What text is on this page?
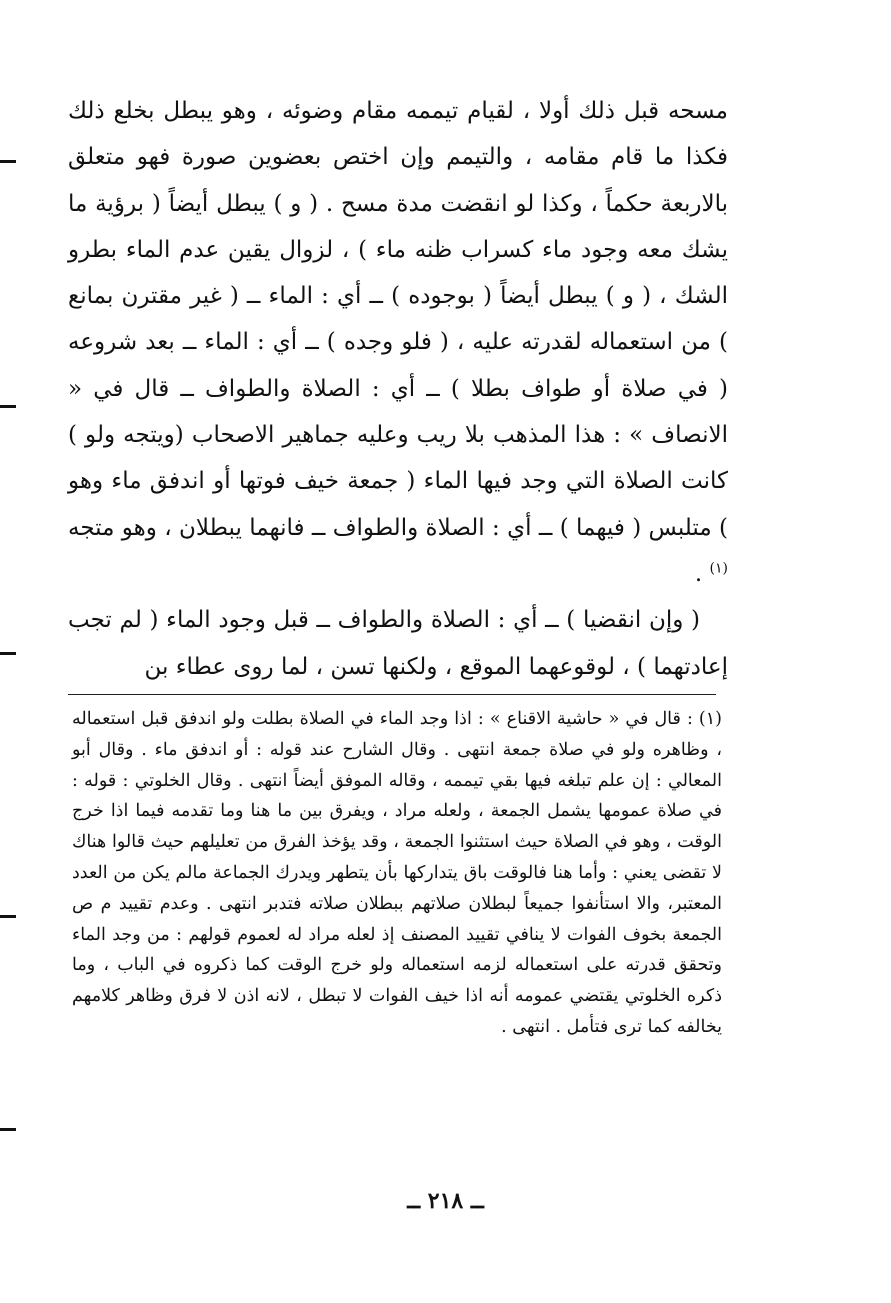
مسحه قبل ذلك أولا ، لقيام تيممه مقام وضوئه ، وهو يبطل بخلع ذلك فكذا ما قام مقامه ، والتيمم وإن اختص بعضوين صورة فهو متعلق بالاربعة حكماً ، وكذا لو انقضت مدة مسح . ( و ) يبطل أيضاً ( برؤية ما يشك معه وجود ماء كسراب ظنه ماء ) ، لزوال يقين عدم الماء بطرو الشك ، ( و ) يبطل أيضاً ( بوجوده ) ــ أي : الماء ــ ( غير مقترن بمانع ) من استعماله لقدرته عليه ، ( فلو وجده ) ــ أي : الماء ــ بعد شروعه ( في صلاة أو طواف بطلا ) ــ أي : الصلاة والطواف ــ قال في « الانصاف » : هذا المذهب بلا ريب وعليه جماهير الاصحاب (ويتجه ولو ) كانت الصلاة التي وجد فيها الماء ( جمعة خيف فوتها أو اندفق ماء وهو ) متلبس ( فيهما ) ــ أي : الصلاة والطواف ــ فانهما يبطلان ، وهو متجه $^{(١)}$ .

( وإن انقضيا ) ــ أي : الصلاة والطواف ــ قبل وجود الماء ( لم تجب إعادتهما ) ، لوقوعهما الموقع ، ولكنها تسن ، لما روى عطاء بن

(١) : قال في « حاشية الاقناع » : اذا وجد الماء في الصلاة بطلت ولو اندفق قبل استعماله ، وظاهره ولو في صلاة جمعة انتهى . وقال الشارح عند قوله : أو اندفق ماء . وقال أبو المعالي : إن علم تبلغه فيها بقي تيممه ، وقاله الموفق أيضاً انتهى . وقال الخلوتي : قوله : في صلاة عمومها يشمل الجمعة ، ولعله مراد ، ويفرق بين ما هنا وما تقدمه فيما اذا خرج الوقت ، وهو في الصلاة حيث استثنوا الجمعة ، وقد يؤخذ الفرق من تعليلهم حيث قالوا هناك لا تقضى يعني : وأما هنا فالوقت باق يتداركها بأن يتطهر ويدرك الجماعة مالم يكن من العدد المعتبر، والا استأنفوا جميعاً لبطلان صلاتهم ببطلان صلاته فتدبر انتهى . وعدم تقييد م ص الجمعة بخوف الفوات لا ينافي تقييد المصنف إذ لعله مراد له لعموم قولهم : من وجد الماء وتحقق قدرته على استعماله لزمه استعماله ولو خرج الوقت كما ذكروه في الباب ، وما ذكره الخلوتي يقتضي عمومه أنه اذا خيف الفوات لا تبطل ، لانه اذن لا فرق وظاهر كلامهم يخالفه كما ترى فتأمل . انتهى .

ــ ٢١٨ ــ
